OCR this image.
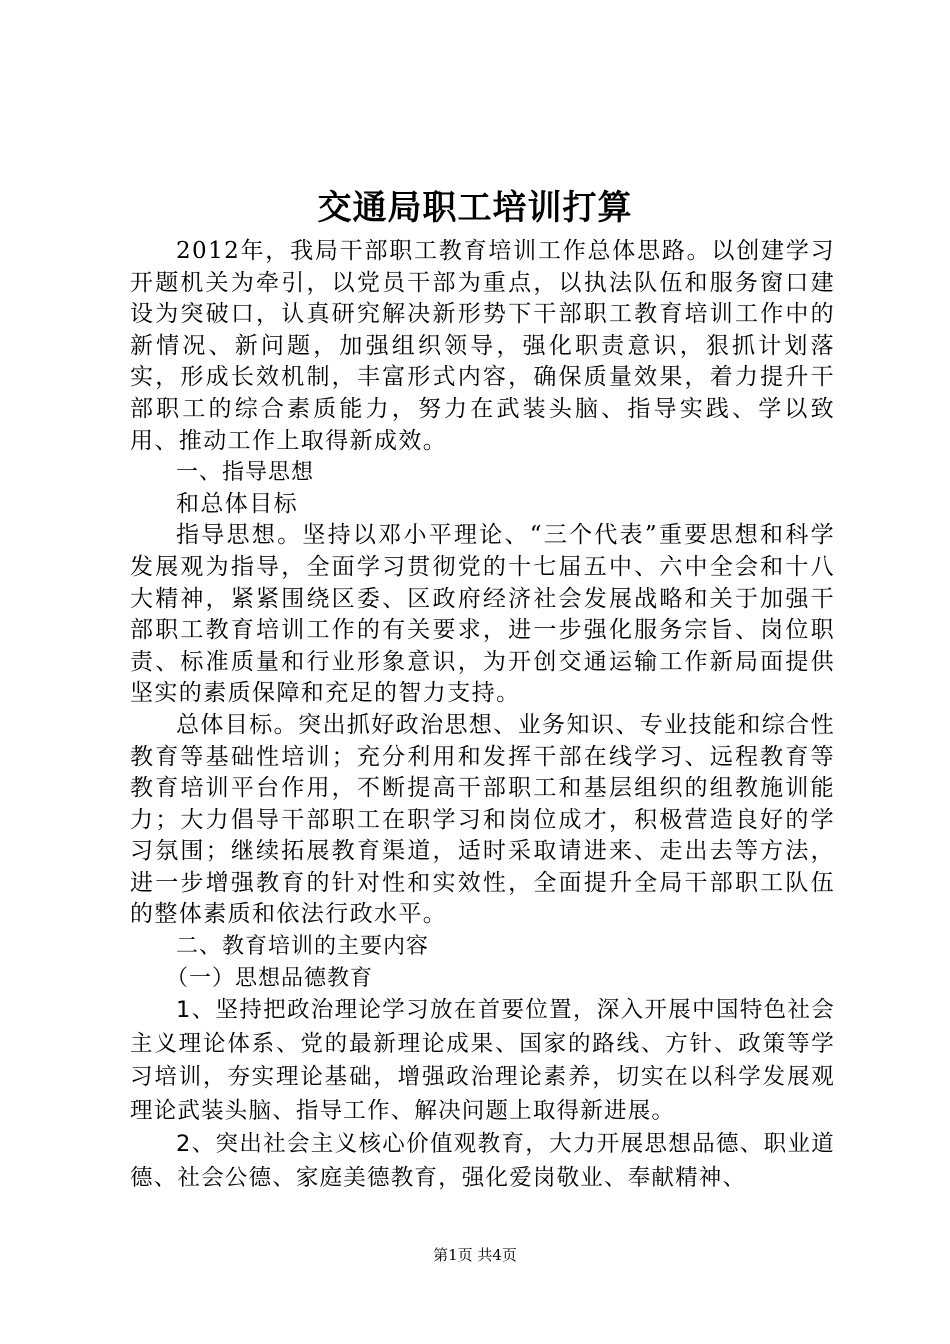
交通局职工培训打算

2012年，我局干部职工教育培训工作总体思路。以创建学习开题机关为牵引，以党员干部为重点，以执法队伍和服务窗口建设为突破口，认真研究解决新形势下干部职工教育培训工作中的新情况、新问题，加强组织领导，强化职责意识，狠抓计划落实，形成长效机制，丰富形式内容，确保质量效果，着力提升干部职工的综合素质能力，努力在武装头脑、指导实践、学以致用、推动工作上取得新成效。

一、指导思想

和总体目标

指导思想。坚持以邓小平理论、“三个代表”重要思想和科学发展观为指导，全面学习贯彻党的十七届五中、六中全会和十八大精神，紧紧围绕区委、区政府经济社会发展战略和关于加强干部职工教育培训工作的有关要求，进一步强化服务宗旨、岗位职责、标准质量和行业形象意识，为开创交通运输工作新局面提供坚实的素质保障和充足的智力支持。

总体目标。突出抓好政治思想、业务知识、专业技能和综合性教育等基础性培训；充分利用和发挥干部在线学习、远程教育等教育培训平台作用，不断提高干部职工和基层组织的组教施训能力；大力倡导干部职工在职学习和岗位成才，积极营造良好的学习氛围；继续拓展教育渠道，适时采取请进来、走出去等方法，进一步增强教育的针对性和实效性，全面提升全局干部职工队伍的整体素质和依法行政水平。

二、教育培训的主要内容

（一）思想品德教育

1、坚持把政治理论学习放在首要位置，深入开展中国特色社会主义理论体系、党的最新理论成果、国家的路线、方针、政策等学习培训，夯实理论基础，增强政治理论素养，切实在以科学发展观理论武装头脑、指导工作、解决问题上取得新进展。

2、突出社会主义核心价值观教育，大力开展思想品德、职业道德、社会公德、家庭美德教育，强化爱岗敬业、奉献精神、

第1页 共4页
